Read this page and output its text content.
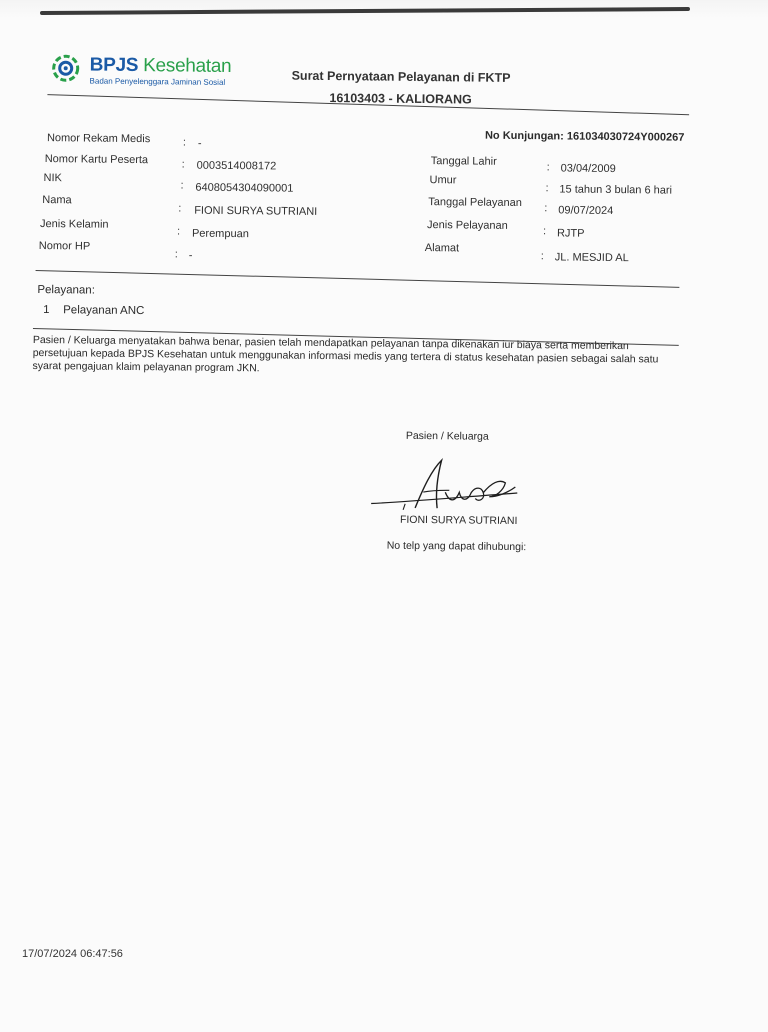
BPJS Kesehatan
Badan Penyelenggara Jaminan Sosial	Surat Pernyataan Pelayanan di FKTP
16103403 - KALIORANG
No Kunjungan: 161034030724Y000267
Nomor Rekam Medis	: -
Nomor Kartu Peserta	: 0003514008172
NIK
: 6408054304090001
Nama
: FIONI SURYA SUTRIANI
Jenis Kelamin
: Perempuan
Nomor HP
: -
Tanggal Lahir	: 03/04/2009
Umur
: 15 tahun 3 bulan 6 hari
Tanggal Pelayanan : 09/07/2024
Jenis Pelayanan	: RJTP
Alamat
: JL. MESJID AL
Pelayanan:
1 Pelayanan ANC
Pasien / Keluarga menyatakan bahwa benar, pasien telah mendapatkan pelayanan tanpa dikenakan iur biaya serta memberikan persetujuan kepada BPJS Kesehatan untuk menggunakan informasi medis yang tertera di status kesehatan pasien sebagai salah satu syarat pengajuan klaim pelayanan program JKN.
Pasien / Keluarga
FIONI SURYA SUTRIANI
No telp yang dapat dihubungi:
17/07/2024 06:47:56
